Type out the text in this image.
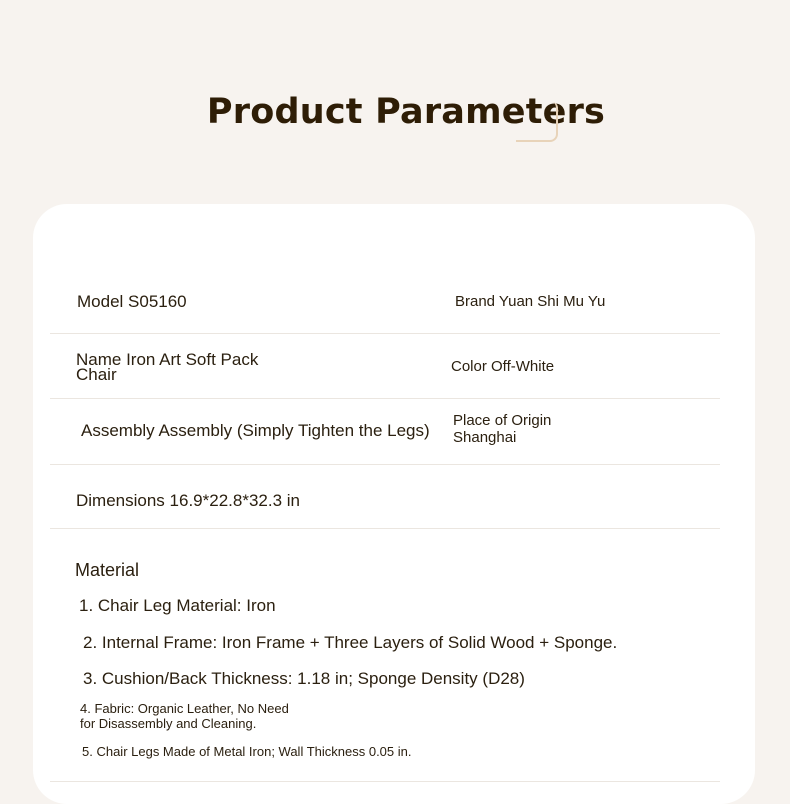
Product Parameters
Model S05160	Brand Yuan Shi Mu Yu
Name Iron Art Soft Pack
Chair	Color Off-White
Assembly Assembly (Simply Tighten the Legs)
Place of Origin
Shanghai
Dimensions 16.9*22.8*32.3 in
Material
1. Chair Leg Material: Iron
2. Internal Frame: Iron Frame + Three Layers of Solid Wood + Sponge.
3. Cushion/Back Thickness: 1.18 in; Sponge Density (D28)
4. Fabric: Organic Leather, No Need
for Disassembly and Cleaning.
5. Chair Legs Made of Metal Iron; Wall Thickness 0.05 in.
